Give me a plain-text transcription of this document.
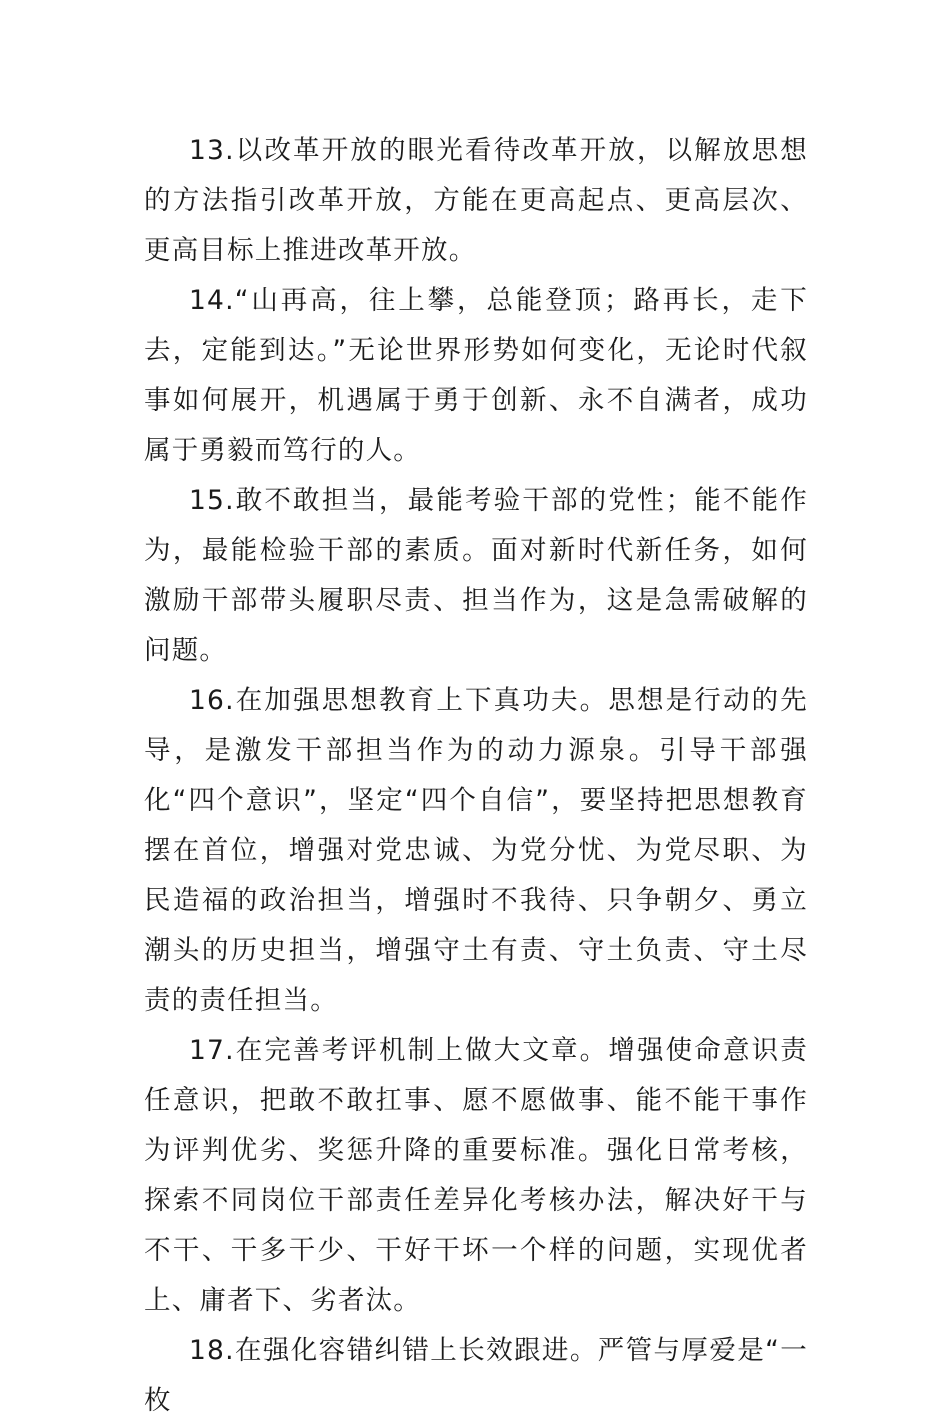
13.以改革开放的眼光看待改革开放，以解放思想的方法指引改革开放，方能在更高起点、更高层次、更高目标上推进改革开放。

14.“山再高，往上攀，总能登顶；路再长，走下去，定能到达。”无论世界形势如何变化，无论时代叙事如何展开，机遇属于勇于创新、永不自满者，成功属于勇毅而笃行的人。

15.敢不敢担当，最能考验干部的党性；能不能作为，最能检验干部的素质。面对新时代新任务，如何激励干部带头履职尽责、担当作为，这是急需破解的问题。

16.在加强思想教育上下真功夫。思想是行动的先导，是激发干部担当作为的动力源泉。引导干部强化“四个意识”，坚定“四个自信”，要坚持把思想教育摆在首位，增强对党忠诚、为党分忧、为党尽职、为民造福的政治担当，增强时不我待、只争朝夕、勇立潮头的历史担当，增强守土有责、守土负责、守土尽责的责任担当。

17.在完善考评机制上做大文章。增强使命意识责任意识，把敢不敢扛事、愿不愿做事、能不能干事作为评判优劣、奖惩升降的重要标准。强化日常考核，探索不同岗位干部责任差异化考核办法，解决好干与不干、干多干少、干好干坏一个样的问题，实现优者上、庸者下、劣者汰。

18.在强化容错纠错上长效跟进。严管与厚爱是“一枚
